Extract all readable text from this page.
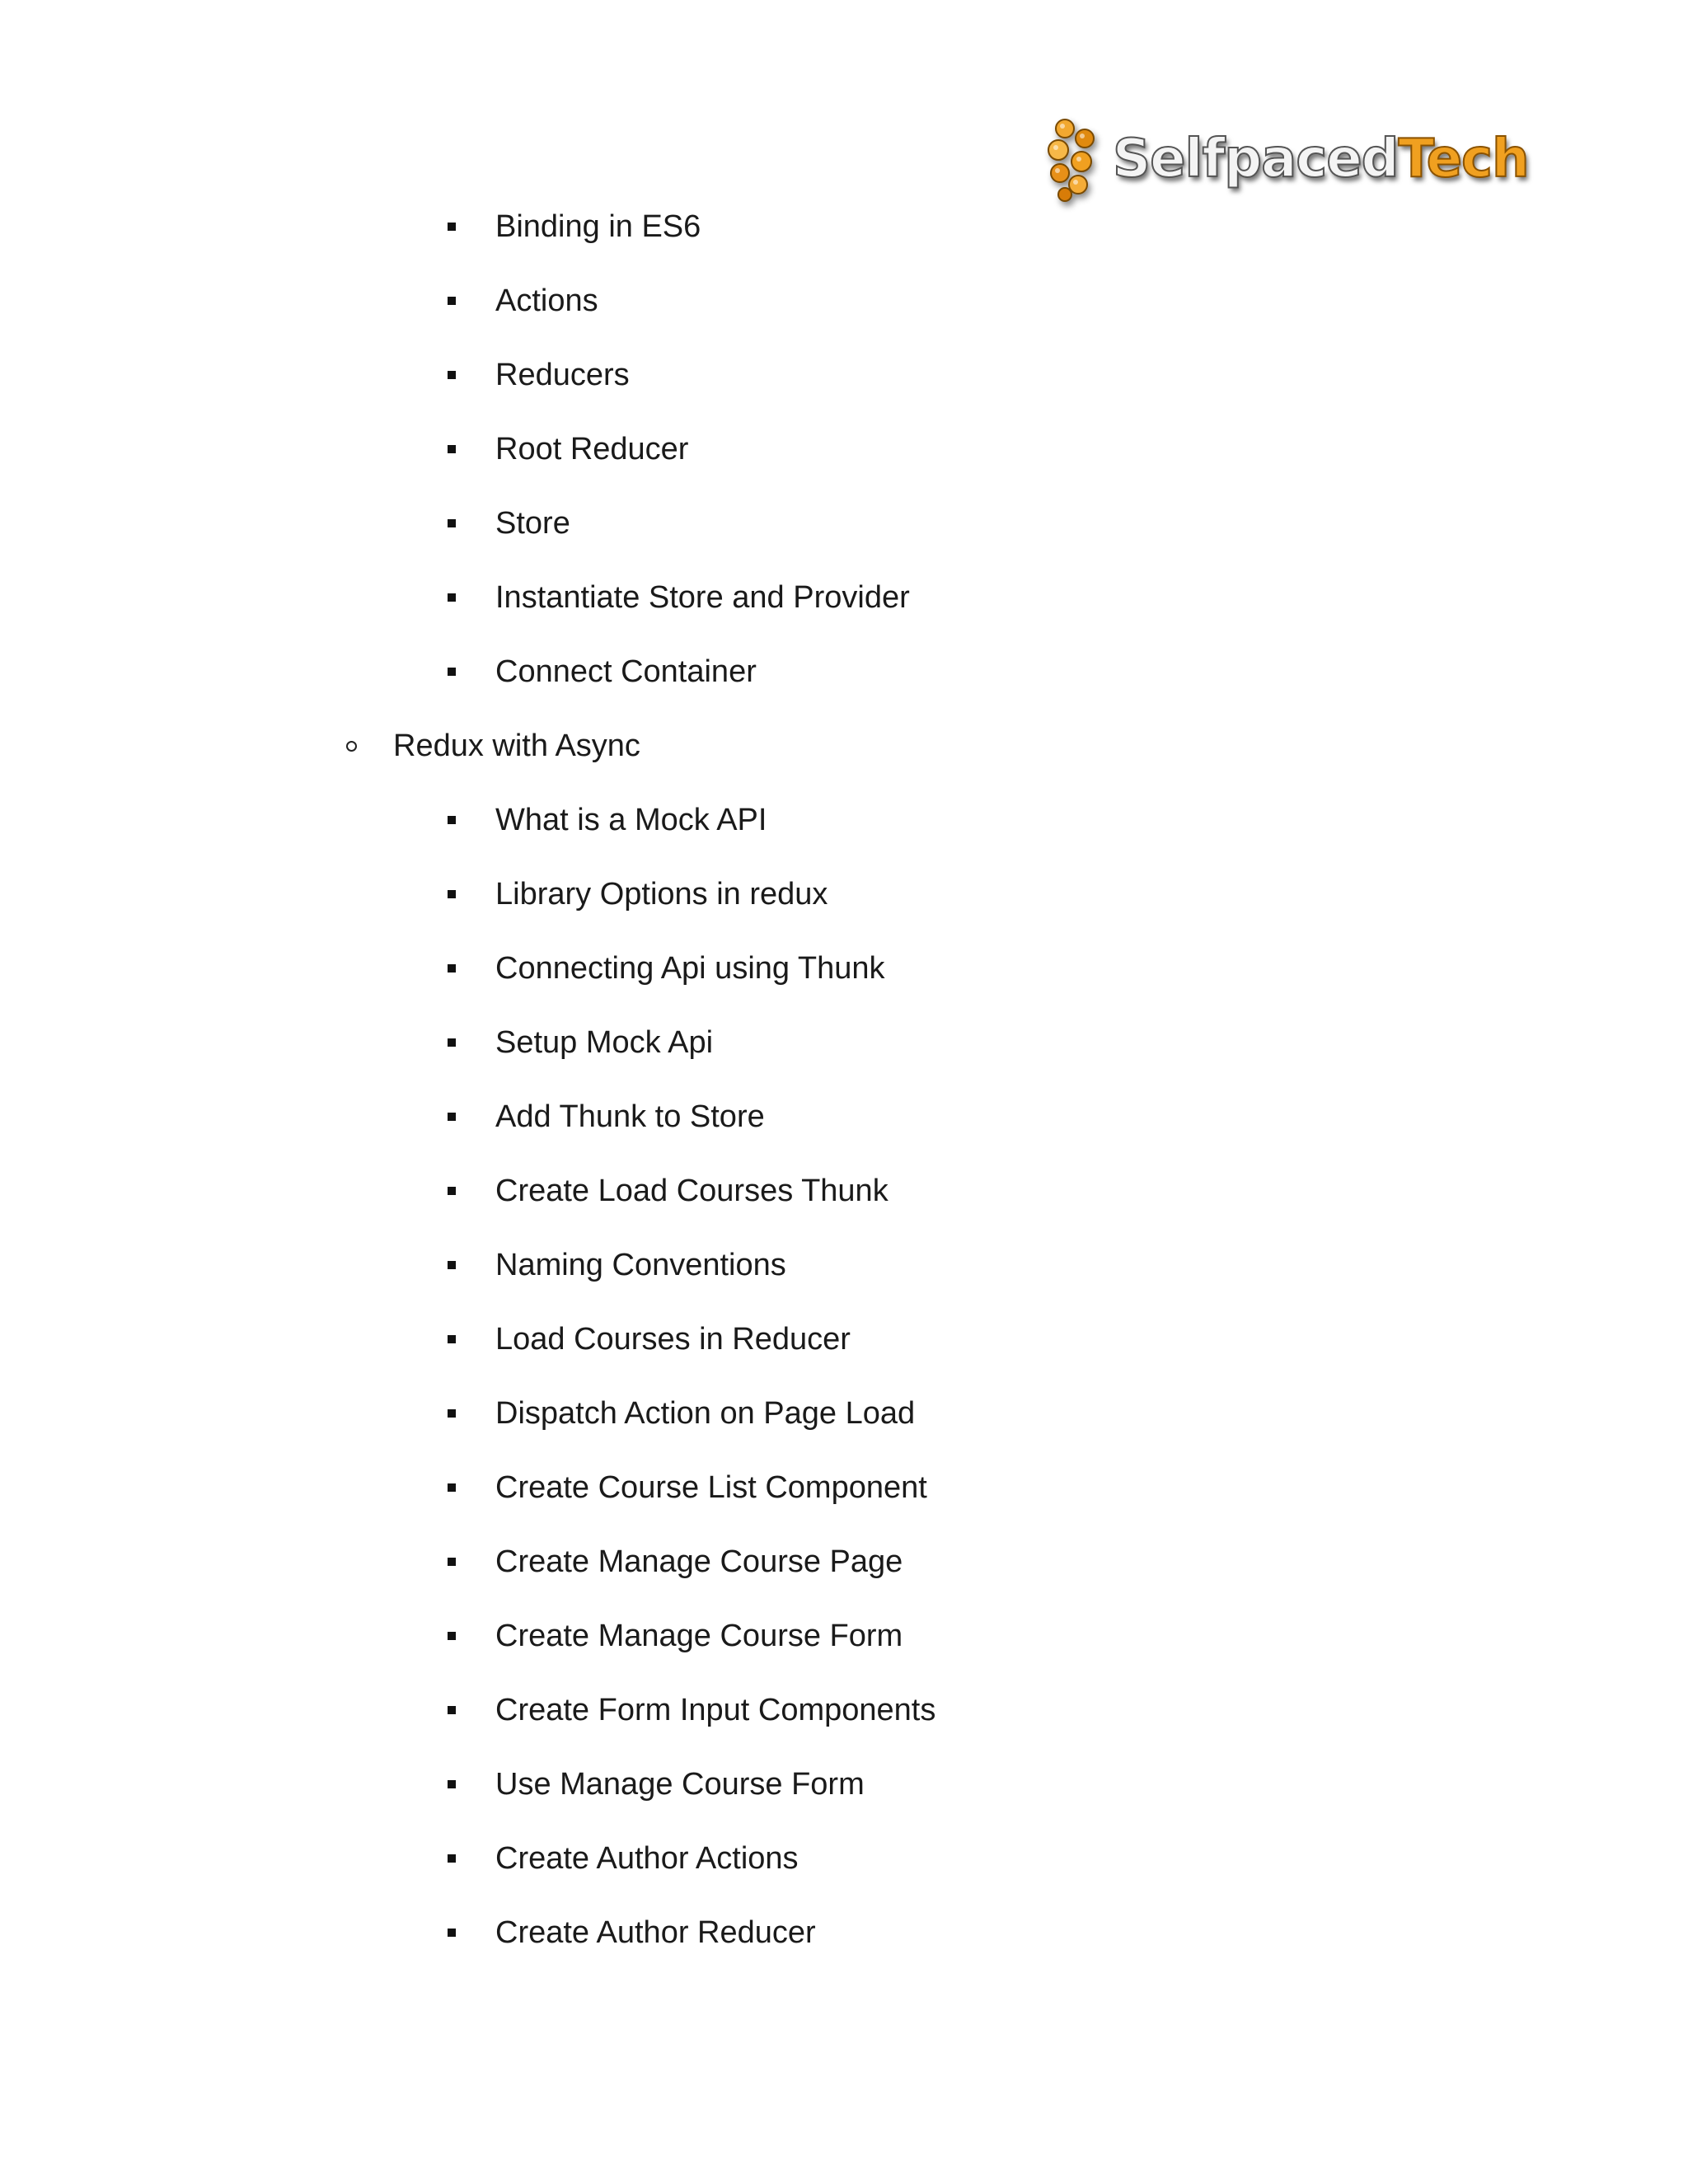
SelfpacedTech
Binding in ES6
Actions
Reducers
Root Reducer
Store
Instantiate Store and Provider
Connect Container
Redux with Async
What is a Mock API
Library Options in redux
Connecting Api using Thunk
Setup Mock Api
Add Thunk to Store
Create Load Courses Thunk
Naming Conventions
Load Courses in Reducer
Dispatch Action on Page Load
Create Course List Component
Create Manage Course Page
Create Manage Course Form
Create Form Input Components
Use Manage Course Form
Create Author Actions
Create Author Reducer
